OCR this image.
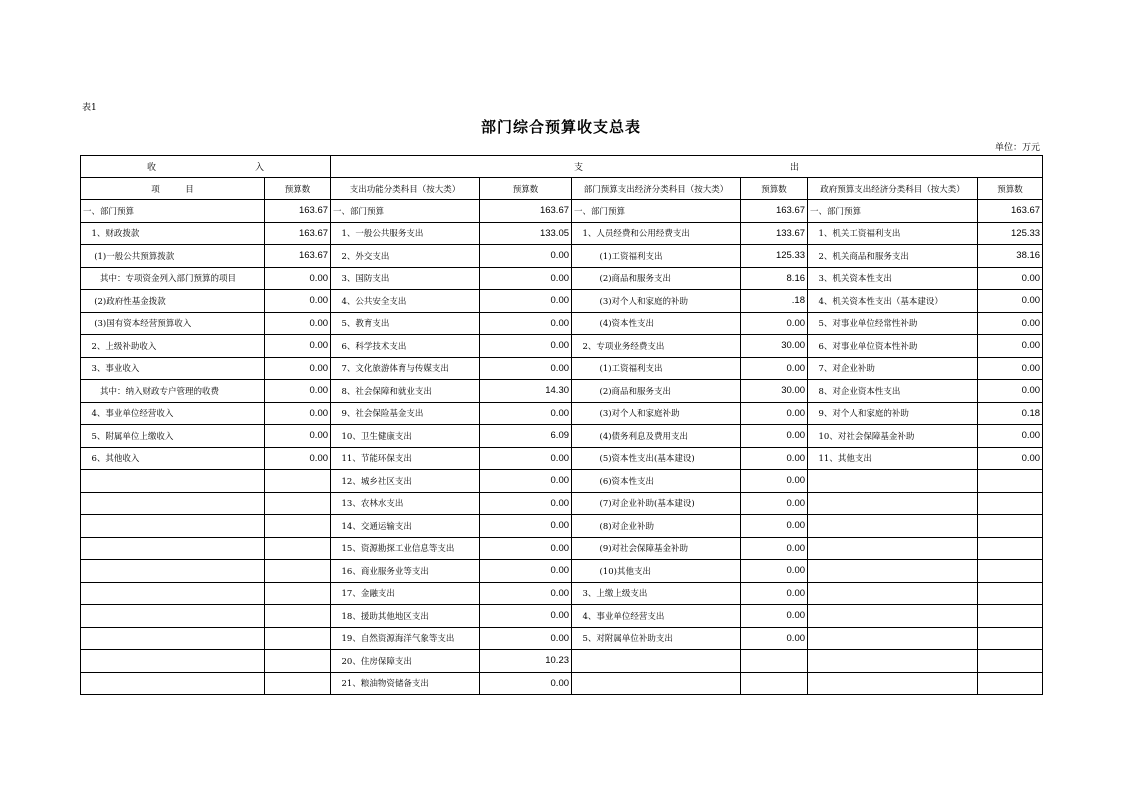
表1
部门综合预算收支总表
单位：万元
收　　　　　　　　　　　入		支　　　　　　　　　　　　　　　　　　　　　　　出					
项　　　目	预算数	支出功能分类科目（按大类）	预算数	部门预算支出经济分类科目（按大类）	预算数	政府预算支出经济分类科目（按大类）	预算数
一、部门预算	163.67	一、部门预算	163.67	一、部门预算	163.67	一、部门预算	163.67
　1、财政拨款	163.67	　1、一般公共服务支出	133.05	　1、人员经费和公用经费支出	133.67	　1、机关工资福利支出	125.33
　 (1)一般公共预算拨款	163.67	　2、外交支出	0.00	　　　(1)工资福利支出	125.33	　2、机关商品和服务支出	38.16
　　其中：专项资金列入部门预算的项目	0.00	　3、国防支出	0.00	　　　(2)商品和服务支出	8.16	　3、机关资本性支出	0.00
　 (2)政府性基金拨款	0.00	　4、公共安全支出	0.00	　　　(3)对个人和家庭的补助	.18	　4、机关资本性支出（基本建设）	0.00
　 (3)国有资本经营预算收入	0.00	　5、教育支出	0.00	　　　(4)资本性支出	0.00	　5、对事业单位经常性补助	0.00
　2、上级补助收入	0.00	　6、科学技术支出	0.00	　2、专项业务经费支出	30.00	　6、对事业单位资本性补助	0.00
　3、事业收入	0.00	　7、文化旅游体育与传媒支出	0.00	　　　(1)工资福利支出	0.00	　7、对企业补助	0.00
　　其中：纳入财政专户管理的收费	0.00	　8、社会保障和就业支出	14.30	　　　(2)商品和服务支出	30.00	　8、对企业资本性支出	0.00
　4、事业单位经营收入	0.00	　9、社会保险基金支出	0.00	　　　(3)对个人和家庭补助	0.00	　9、对个人和家庭的补助	0.18
　5、附属单位上缴收入	0.00	　10、卫生健康支出	6.09	　　　(4)债务利息及费用支出	0.00	　10、对社会保障基金补助	0.00
　6、其他收入	0.00	　11、节能环保支出	0.00	　　　(5)资本性支出(基本建设)	0.00	　11、其他支出	0.00
		　12、城乡社区支出	0.00	　　　(6)资本性支出	0.00		
		　13、农林水支出	0.00	　　　(7)对企业补助(基本建设)	0.00		
		　14、交通运输支出	0.00	　　　(8)对企业补助	0.00		
		　15、资源勘探工业信息等支出	0.00	　　　(9)对社会保障基金补助	0.00		
		　16、商业服务业等支出	0.00	　　　(10)其他支出	0.00		
		　17、金融支出	0.00	　3、上缴上级支出	0.00		
		　18、援助其他地区支出	0.00	　4、事业单位经营支出	0.00		
		　19、自然资源海洋气象等支出	0.00	　5、对附属单位补助支出	0.00		
		　20、住房保障支出	10.23				
		　21、粮油物资储备支出	0.00				
